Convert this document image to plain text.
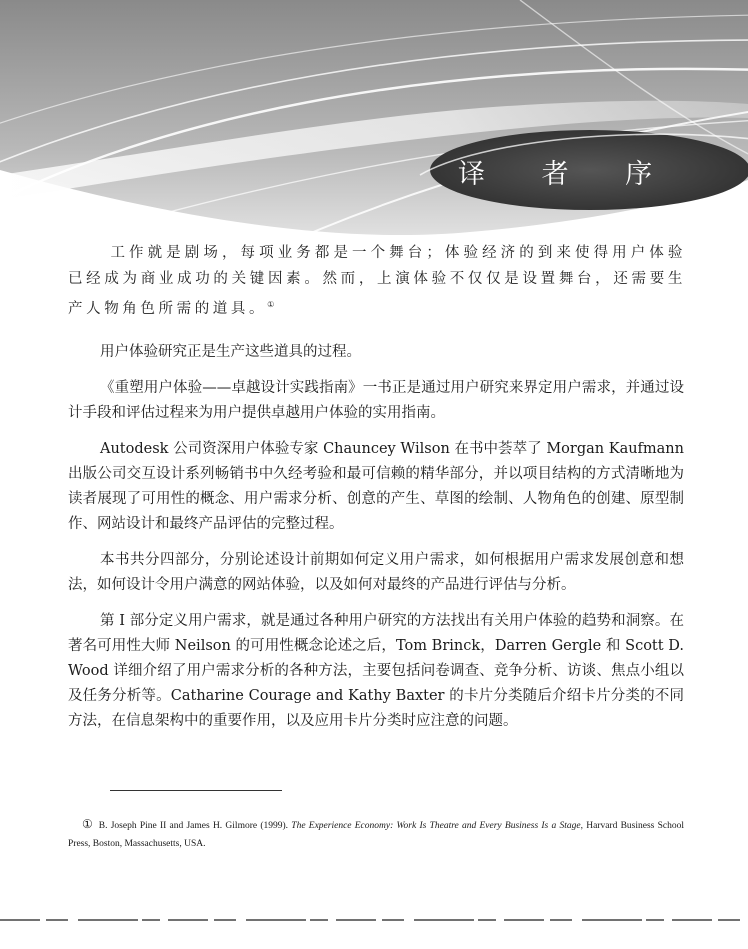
译 者 序
工作就是剧场，每项业务都是一个舞台；体验经济的到来使得用户体验已经成为商业成功的关键因素。然而，上演体验不仅仅是设置舞台，还需要生产人物角色所需的道具。①

用户体验研究正是生产这些道具的过程。

《重塑用户体验——卓越设计实践指南》一书正是通过用户研究来界定用户需求，并通过设计手段和评估过程来为用户提供卓越用户体验的实用指南。

Autodesk 公司资深用户体验专家 Chauncey Wilson 在书中荟萃了 Morgan Kaufmann 出版公司交互设计系列畅销书中久经考验和最可信赖的精华部分，并以项目结构的方式清晰地为读者展现了可用性的概念、用户需求分析、创意的产生、草图的绘制、人物角色的创建、原型制作、网站设计和最终产品评估的完整过程。

本书共分四部分，分别论述设计前期如何定义用户需求，如何根据用户需求发展创意和想法，如何设计令用户满意的网站体验，以及如何对最终的产品进行评估与分析。

第 I 部分定义用户需求，就是通过各种用户研究的方法找出有关用户体验的趋势和洞察。在著名可用性大师 Neilson 的可用性概念论述之后，Tom Brinck，Darren Gergle 和 Scott D. Wood 详细介绍了用户需求分析的各种方法，主要包括问卷调查、竞争分析、访谈、焦点小组以及任务分析等。Catharine Courage and Kathy Baxter 的卡片分类随后介绍卡片分类的不同方法，在信息架构中的重要作用，以及应用卡片分类时应注意的问题。

① B. Joseph Pine II and James H. Gilmore (1999). The Experience Economy: Work Is Theatre and Every Business Is a Stage, Harvard Business School Press, Boston, Massachusetts, USA.
